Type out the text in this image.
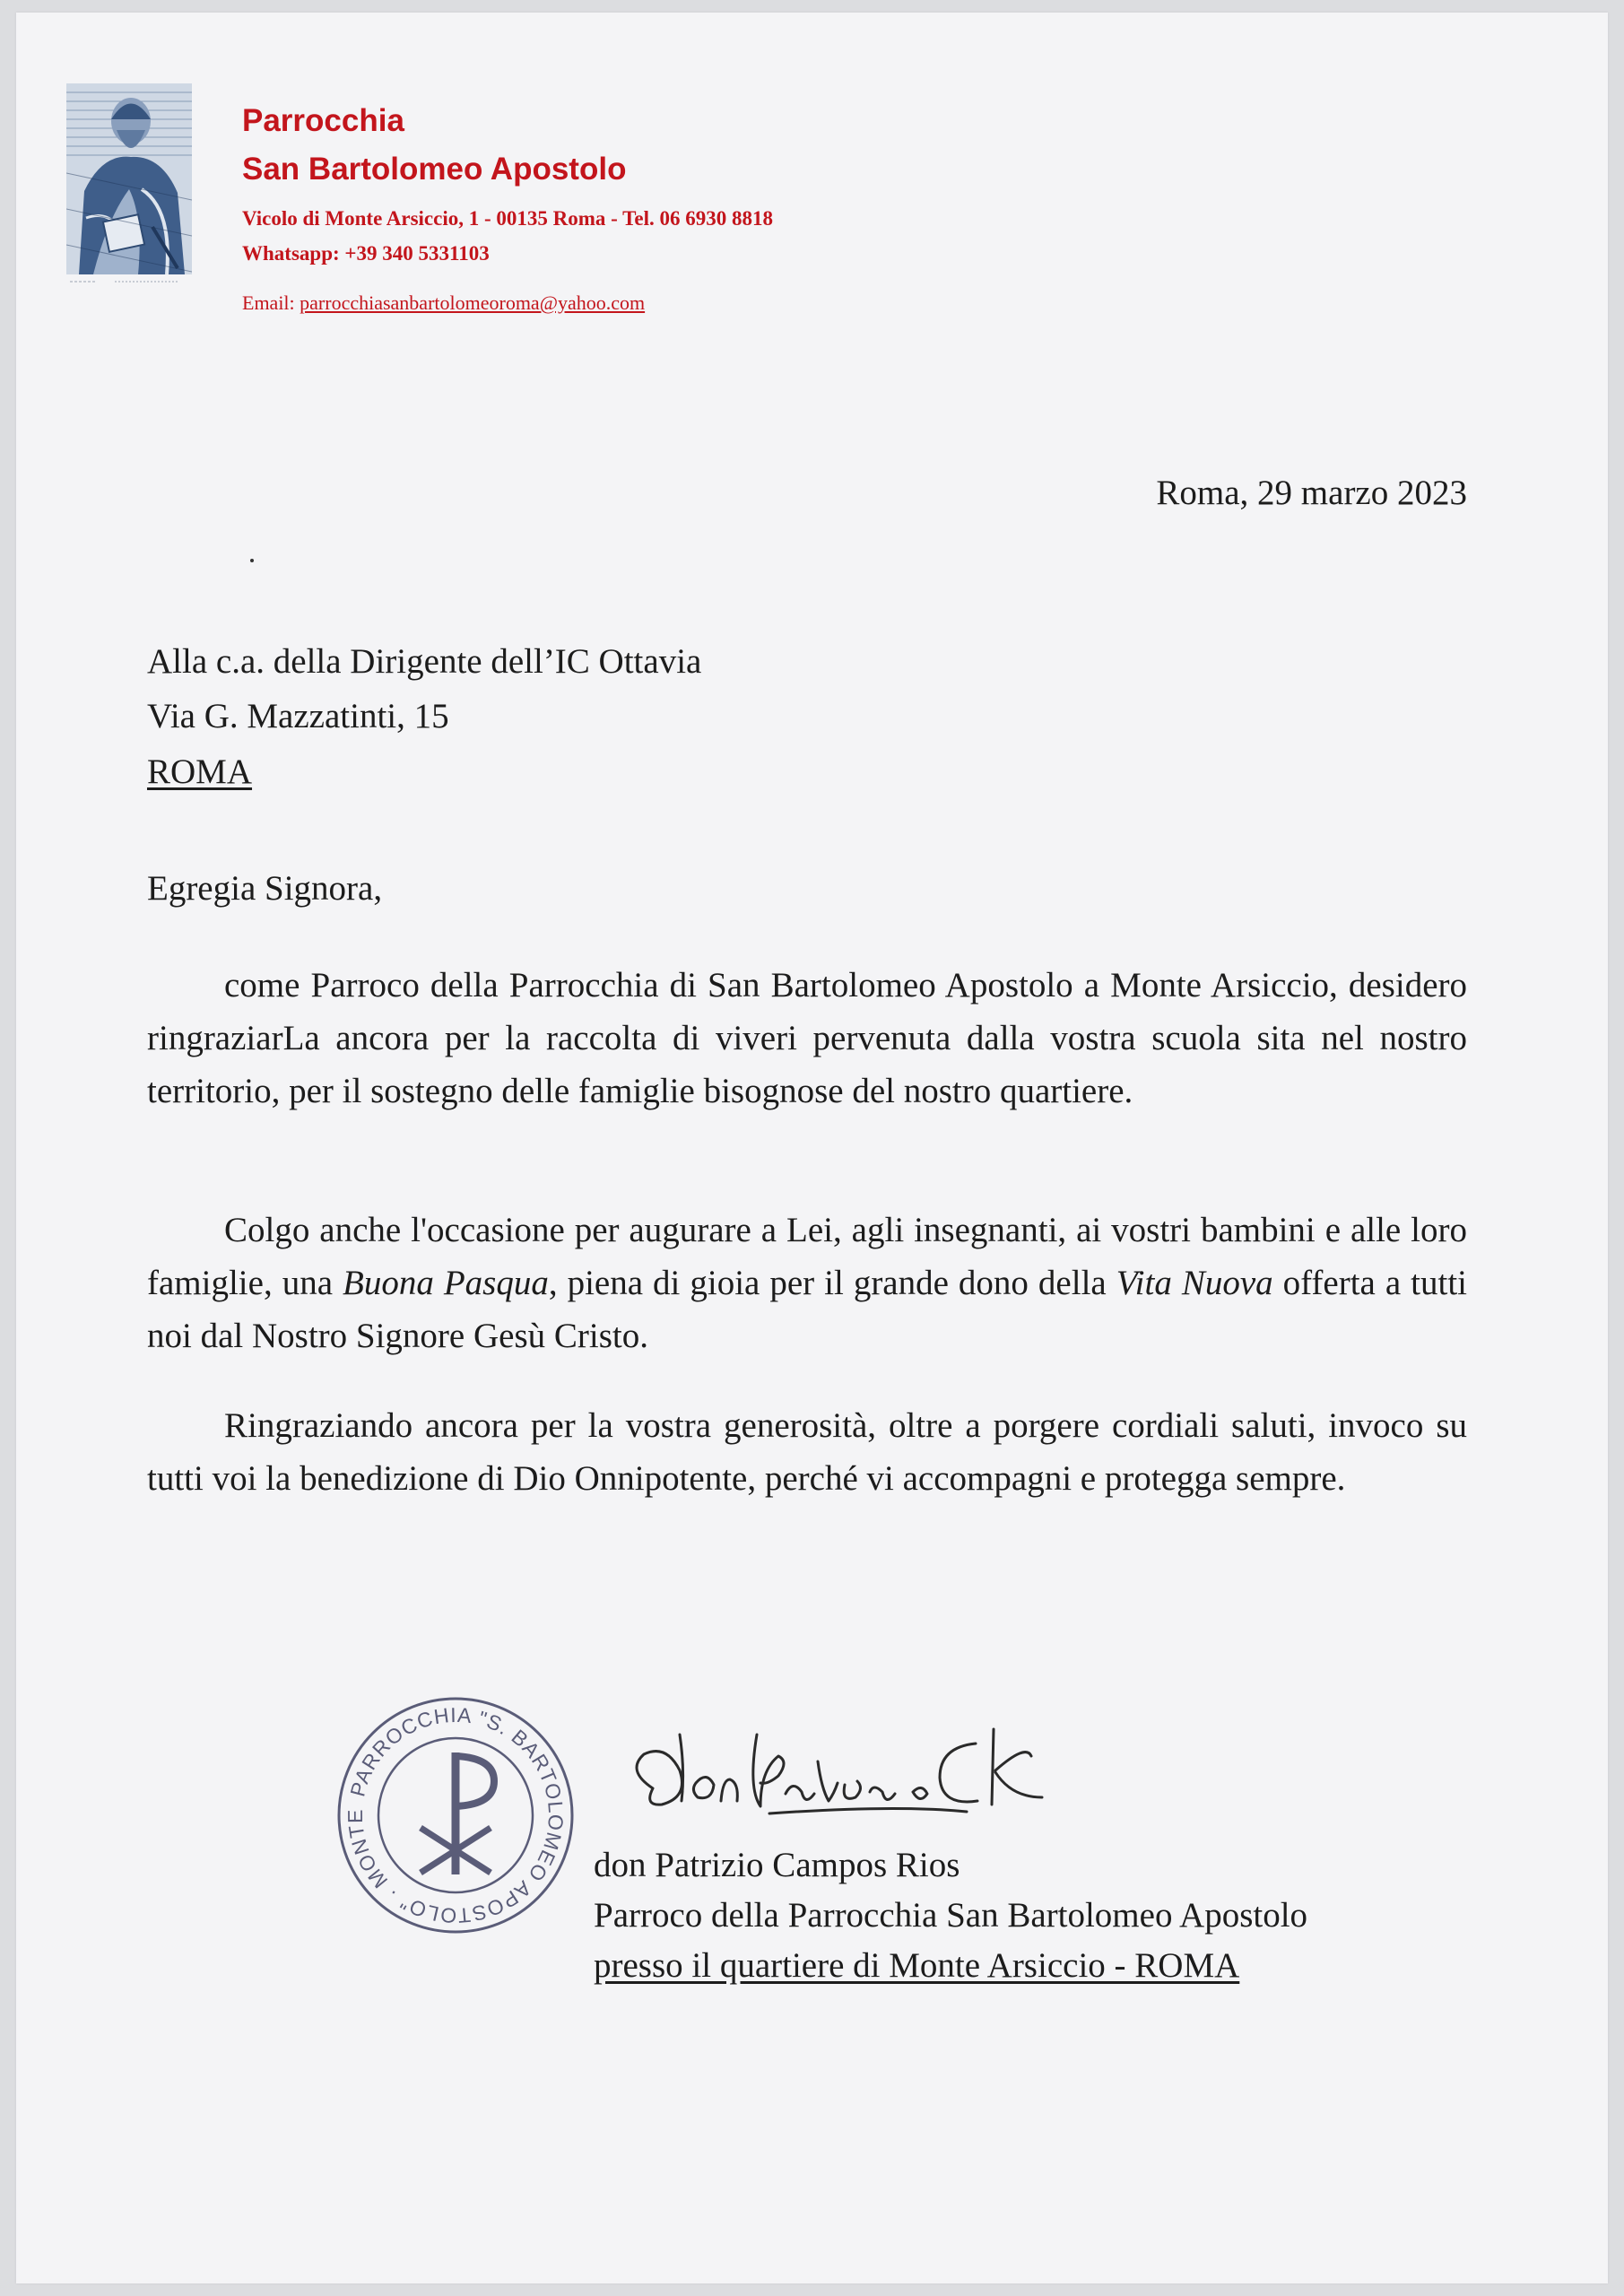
Parrocchia
San Bartolomeo Apostolo
Vicolo di Monte Arsiccio, 1 - 00135 Roma - Tel. 06 6930 8818
Whatsapp: +39 340 5331103
Email: parrocchiasanbartolomeoroma@yahoo.com
Roma, 29 marzo 2023
Alla c.a. della Dirigente dell’IC Ottavia
Via G. Mazzatinti, 15
ROMA
Egregia Signora,

come Parroco della Parrocchia di San Bartolomeo Apostolo a Monte Arsiccio, desidero ringraziarLa ancora per la raccolta di viveri pervenuta dalla vostra scuola sita nel nostro territorio, per il sostegno delle famiglie bisognose del nostro quartiere.

Colgo anche l'occasione per augurare a Lei, agli insegnanti, ai vostri bambini e alle loro famiglie, una Buona Pasqua, piena di gioia per il grande dono della Vita Nuova offerta a tutti noi dal Nostro Signore Gesù Cristo.

Ringraziando ancora per la vostra generosità, oltre a porgere cordiali saluti, invoco su tutti voi la benedizione di Dio Onnipotente, perché vi accompagni e protegga sempre.

PARROCCHIA "S. BARTOLOMEO APOSTOLO" · MONTE
don Patrizio Campos Rios
Parroco della Parrocchia San Bartolomeo Apostolo
presso il quartiere di Monte Arsiccio - ROMA
